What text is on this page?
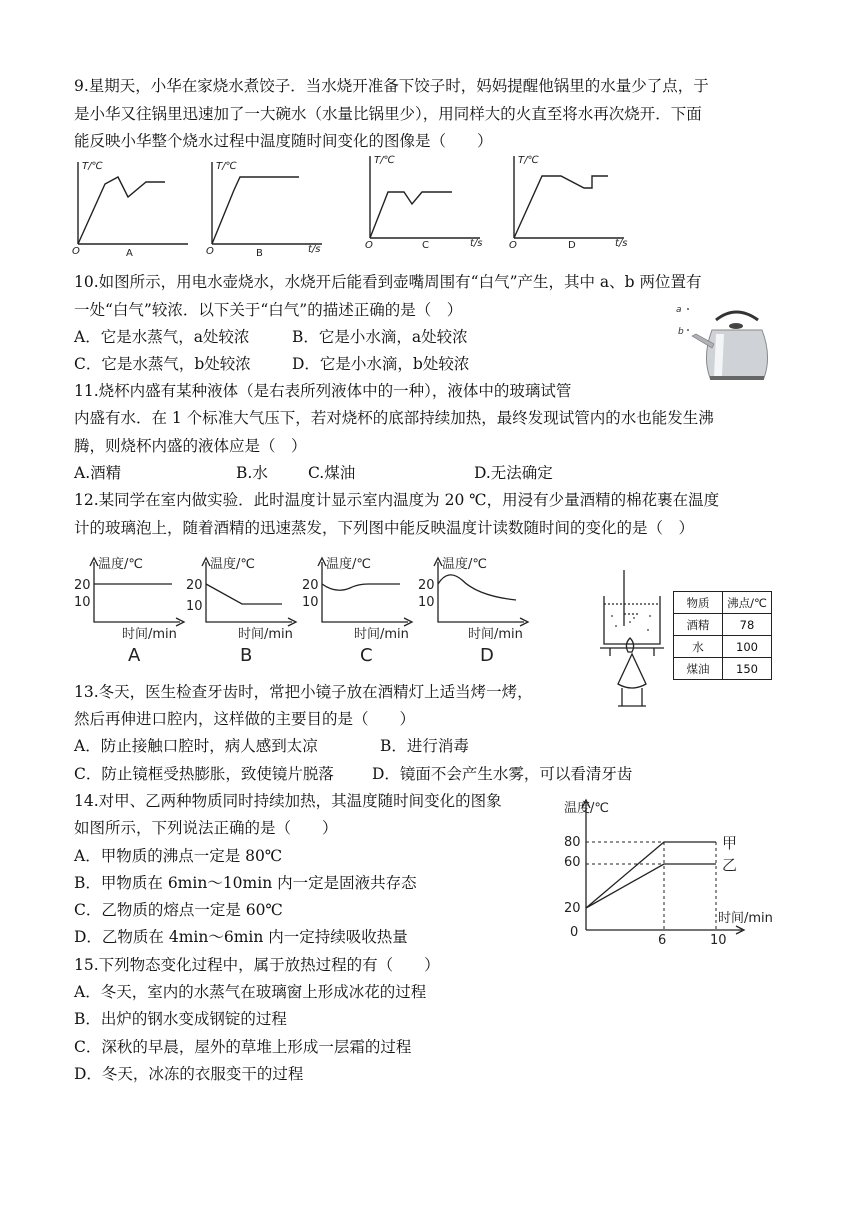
9.星期天，小华在家烧水煮饺子．当水烧开准备下饺子时，妈妈提醒他锅里的水量少了点，于
是小华又往锅里迅速加了一大碗水（水量比锅里少），用同样大的火直至将水再次烧开．下面
能反映小华整个烧水过程中温度随时间变化的图像是（　　）
T/℃
O	A
T/℃
O	B	t/s
T/℃
O	C	t/s
T/℃
O	D	t/s
10.如图所示，用电水壶烧水，水烧开后能看到壶嘴周围有“白气”产生，其中 a、b 两位置有
一处“白气”较浓．以下关于“白气”的描述正确的是（　）
A．它是水蒸气，a处较浓	B．它是小水滴，a处较浓
C．它是水蒸气，b处较浓	D．它是小水滴，b处较浓
a
b
11.烧杯内盛有某种液体（是右表所列液体中的一种），液体中的玻璃试管
内盛有水．在 1 个标准大气压下，若对烧杯的底部持续加热，最终发现试管内的水也能发生沸
腾，则烧杯内盛的液体应是（　）
A.酒精	B.水	C.煤油	D.无法确定
12.某同学在室内做实验．此时温度计显示室内温度为 20 ℃，用浸有少量酒精的棉花裹在温度
计的玻璃泡上，随着酒精的迅速蒸发，下列图中能反映温度计读数随时间的变化的是（　）
温度/℃
20
10
时间/min
A
温度/℃
20
10
时间/min
B
温度/℃
20
10
时间/min
C
温度/℃
20
10
时间/min
D
物质	沸点/℃
酒精	78
水	100
煤油	150
13.冬天，医生检查牙齿时，常把小镜子放在酒精灯上适当烤一烤，
然后再伸进口腔内，这样做的主要目的是（　　）
A．防止接触口腔时，病人感到太凉	B．进行消毒
C．防止镜框受热膨胀，致使镜片脱落 D．镜面不会产生水雾，可以看清牙齿
14.对甲、乙两种物质同时持续加热，其温度随时间变化的图象
如图所示，下列说法正确的是（　　）
A．甲物质的沸点一定是 80℃
B．甲物质在 6min～10min 内一定是固液共存态
C．乙物质的熔点一定是 60℃
D．乙物质在 4min～6min 内一定持续吸收热量
温度/℃
80
60
20
0
6	10
时间/min
甲
乙
15.下列物态变化过程中，属于放热过程的有（　　）
A．冬天，室内的水蒸气在玻璃窗上形成冰花的过程
B．出炉的钢水变成钢锭的过程
C．深秋的早晨，屋外的草堆上形成一层霜的过程
D．冬天，冰冻的衣服变干的过程
